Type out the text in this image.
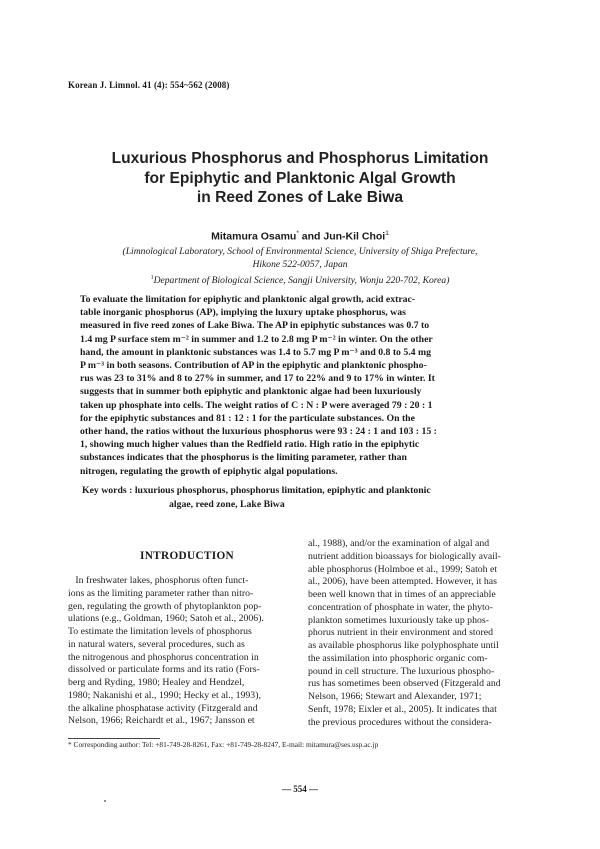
Korean J. Limnol. 41 (4): 554~562 (2008)
Luxurious Phosphorus and Phosphorus Limitation
for Epiphytic and Planktonic Algal Growth
in Reed Zones of Lake Biwa
Mitamura Osamu* and Jun-Kil Choi$^1$
(Limnological Laboratory, School of Environmental Science, University of Shiga Prefecture,
Hikone 522-0057, Japan
$^1$Department of Biological Science, Sangji University, Wonju 220-702, Korea)
To evaluate the limitation for epiphytic and planktonic algal growth, acid extrac-
table inorganic phosphorus (AP), implying the luxury uptake phosphorus, was
measured in five reed zones of Lake Biwa. The AP in epiphytic substances was 0.7 to
1.4 mg P surface stem m⁻² in summer and 1.2 to 2.8 mg P m⁻² in winter. On the other
hand, the amount in planktonic substances was 1.4 to 5.7 mg P m⁻³ and 0.8 to 5.4 mg
P m⁻³ in both seasons. Contribution of AP in the epiphytic and planktonic phospho-
rus was 23 to 31% and 8 to 27% in summer, and 17 to 22% and 9 to 17% in winter. It
suggests that in summer both epiphytic and planktonic algae had been luxuriously
taken up phosphate into cells. The weight ratios of C : N : P were averaged 79 : 20 : 1
for the epiphytic substances and 81 : 12 : 1 for the particulate substances. On the
other hand, the ratios without the luxurious phosphorus were 93 : 24 : 1 and 103 : 15 :
1, showing much higher values than the Redfield ratio. High ratio in the epiphytic
substances indicates that the phosphorus is the limiting parameter, rather than
nitrogen, regulating the growth of epiphytic algal populations.
Key words : luxurious phosphorus, phosphorus limitation, epiphytic and planktonic
algae, reed zone, Lake Biwa
INTRODUCTION
In freshwater lakes, phosphorus often funct-
ions as the limiting parameter rather than nitro-
gen, regulating the growth of phytoplankton pop-
ulations (e.g., Goldman, 1960; Satoh et al., 2006).
To estimate the limitation levels of phosphorus
in natural waters, several procedures, such as
the nitrogenous and phosphorus concentration in
dissolved or particulate forms and its ratio (Fors-
berg and Ryding, 1980; Healey and Hendzel,
1980; Nakanishi et al., 1990; Hecky et al., 1993),
the alkaline phosphatase activity (Fitzgerald and
Nelson, 1966; Reichardt et al., 1967; Jansson et
al., 1988), and/or the examination of algal and
nutrient addition bioassays for biologically avail-
able phosphorus (Holmboe et al., 1999; Satoh et
al., 2006), have been attempted. However, it has
been well known that in times of an appreciable
concentration of phosphate in water, the phyto-
plankton sometimes luxuriously take up phos-
phorus nutrient in their environment and stored
as available phosphorus like polyphosphate until
the assimilation into phosphoric organic com-
pound in cell structure. The luxurious phospho-
rus has sometimes been observed (Fitzgerald and
Nelson, 1966; Stewart and Alexander, 1971;
Senft, 1978; Eixler et al., 2005). It indicates that
the previous procedures without the considera-
* Corresponding author: Tel: +81-749-28-8261, Fax: +81-749-28-8247, E-mail: mitamura@ses.usp.ac.jp
— 554 —
